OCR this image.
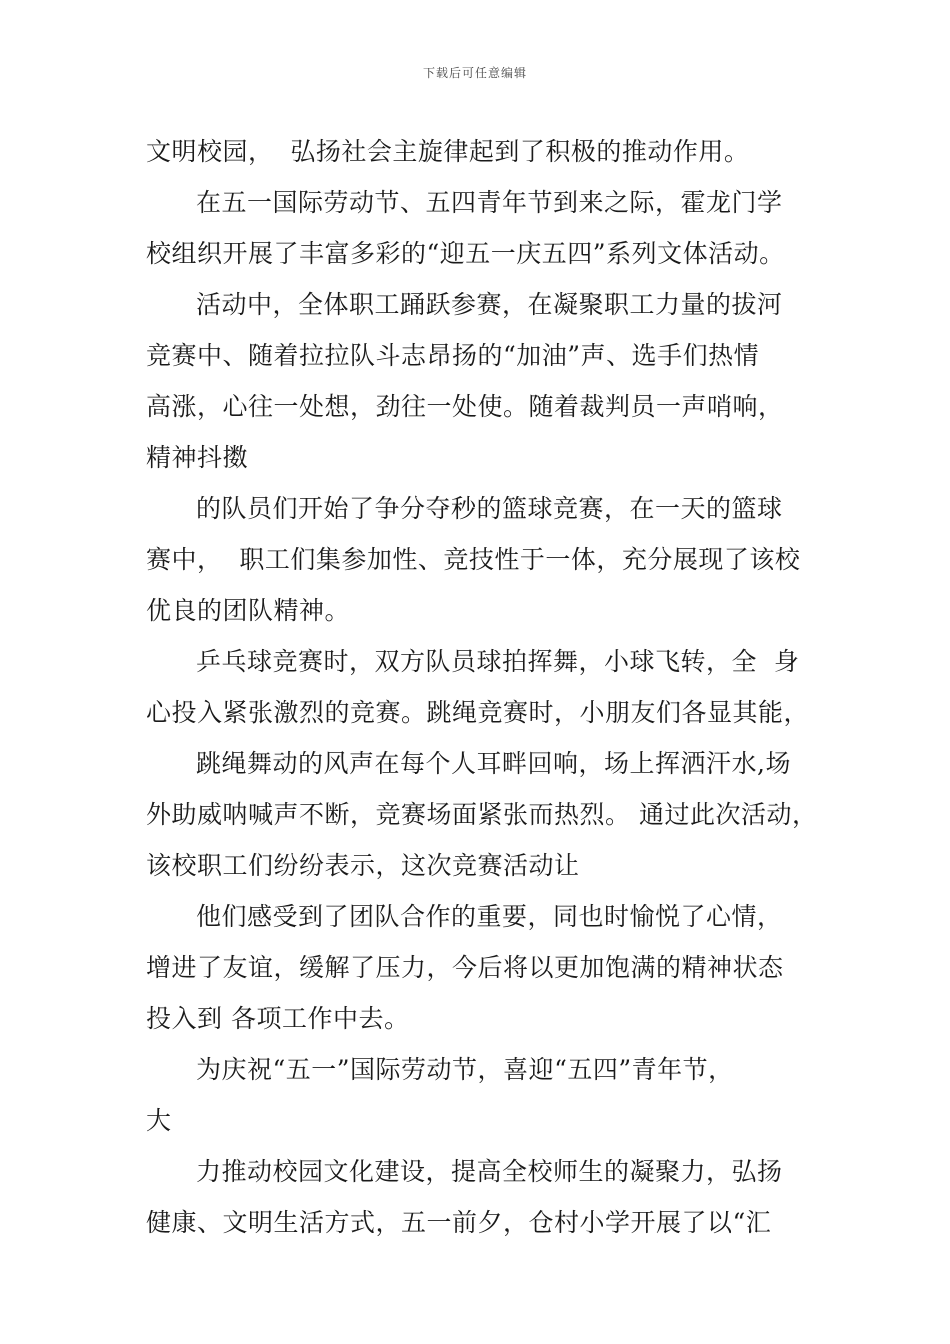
下载后可任意编辑
文明校园，  弘扬社会主旋律起到了积极的推动作用。
在五一国际劳动节、五四青年节到来之际，霍龙门学
校组织开展了丰富多彩的“迎五一庆五四”系列文体活动。
活动中，全体职工踊跃参赛，在凝聚职工力量的拔河
竞赛中、随着拉拉队斗志昂扬的“加油”声、选手们热情
高涨，心往一处想，劲往一处使。随着裁判员一声哨响，
精神抖擞
的队员们开始了争分夺秒的篮球竞赛，在一天的篮球
赛中，  职工们集参加性、竞技性于一体，充分展现了该校
优良的团队精神。
乒乓球竞赛时，双方队员球拍挥舞，小球飞转，全  身
心投入紧张激烈的竞赛。跳绳竞赛时，小朋友们各显其能，
跳绳舞动的风声在每个人耳畔回响，场上挥洒汗水,场
外助威呐喊声不断，竞赛场面紧张而热烈。 通过此次活动，
该校职工们纷纷表示，这次竞赛活动让
他们感受到了团队合作的重要，同也时愉悦了心情，
增进了友谊，缓解了压力，今后将以更加饱满的精神状态
投入到 各项工作中去。
为庆祝“五一”国际劳动节，喜迎“五四”青年节，
大
力推动校园文化建设，提高全校师生的凝聚力，弘扬
健康、文明生活方式，五一前夕，仓村小学开展了以“汇
